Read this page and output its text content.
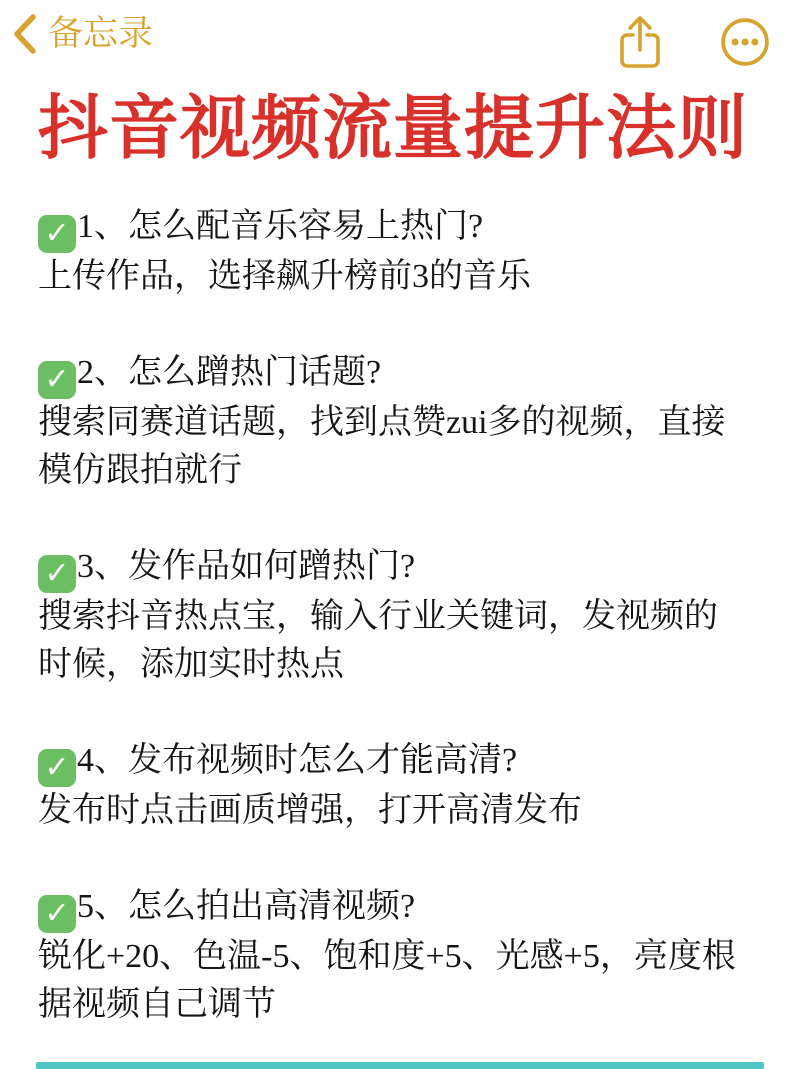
备忘录
抖音视频流量提升法则
✓ 1、怎么配音乐容易上热门?

上传作品，选择飙升榜前3的音乐

✓ 2、怎么蹭热门话题?

搜索同赛道话题，找到点赞zui多的视频，直接模仿跟拍就行

✓ 3、发作品如何蹭热门?

搜索抖音热点宝，输入行业关键词，发视频的时候，添加实时热点

✓ 4、发布视频时怎么才能高清?

发布时点击画质增强，打开高清发布

✓ 5、怎么拍出高清视频?

锐化+20、色温-5、饱和度+5、光感+5，亮度根据视频自己调节
